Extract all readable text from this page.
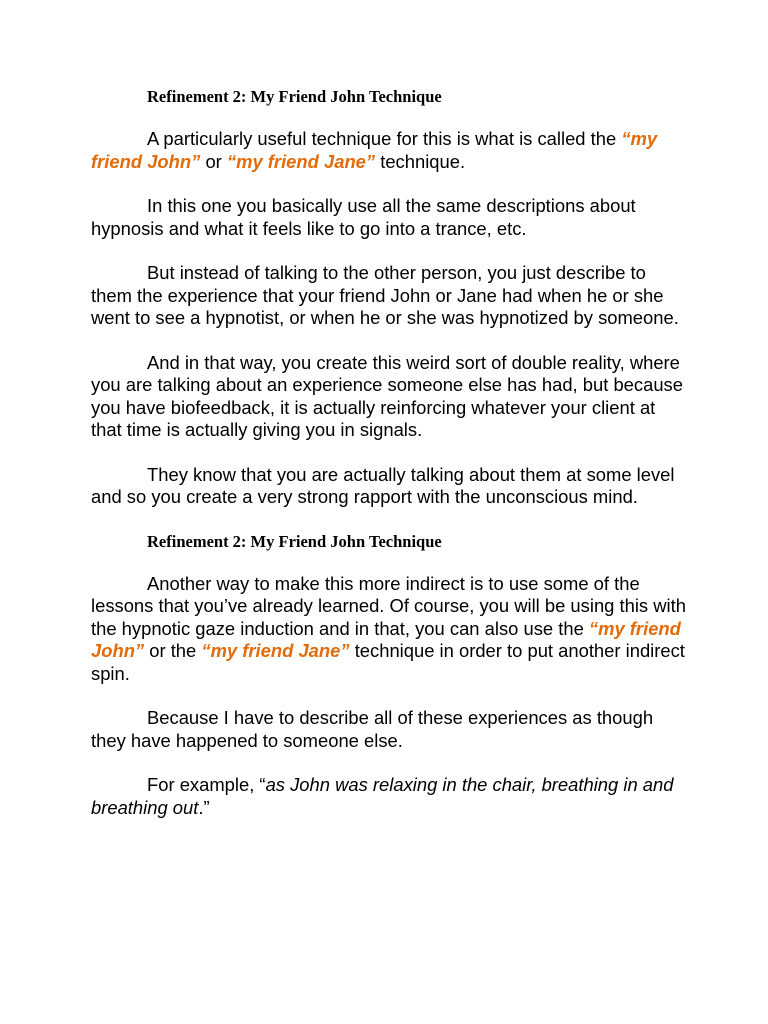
Refinement 2: My Friend John Technique

A particularly useful technique for this is what is called the “my friend John” or “my friend Jane” technique.

In this one you basically use all the same descriptions about hypnosis and what it feels like to go into a trance, etc.

But instead of talking to the other person, you just describe to them the experience that your friend John or Jane had when he or she went to see a hypnotist, or when he or she was hypnotized by someone.

And in that way, you create this weird sort of double reality, where you are talking about an experience someone else has had, but because you have biofeedback, it is actually reinforcing whatever your client at that time is actually giving you in signals.

They know that you are actually talking about them at some level and so you create a very strong rapport with the unconscious mind.

Refinement 2: My Friend John Technique

Another way to make this more indirect is to use some of the lessons that you’ve already learned. Of course, you will be using this with the hypnotic gaze induction and in that, you can also use the “my friend John” or the “my friend Jane” technique in order to put another indirect spin.

Because I have to describe all of these experiences as though they have happened to someone else.

For example, “as John was relaxing in the chair, breathing in and breathing out.”
